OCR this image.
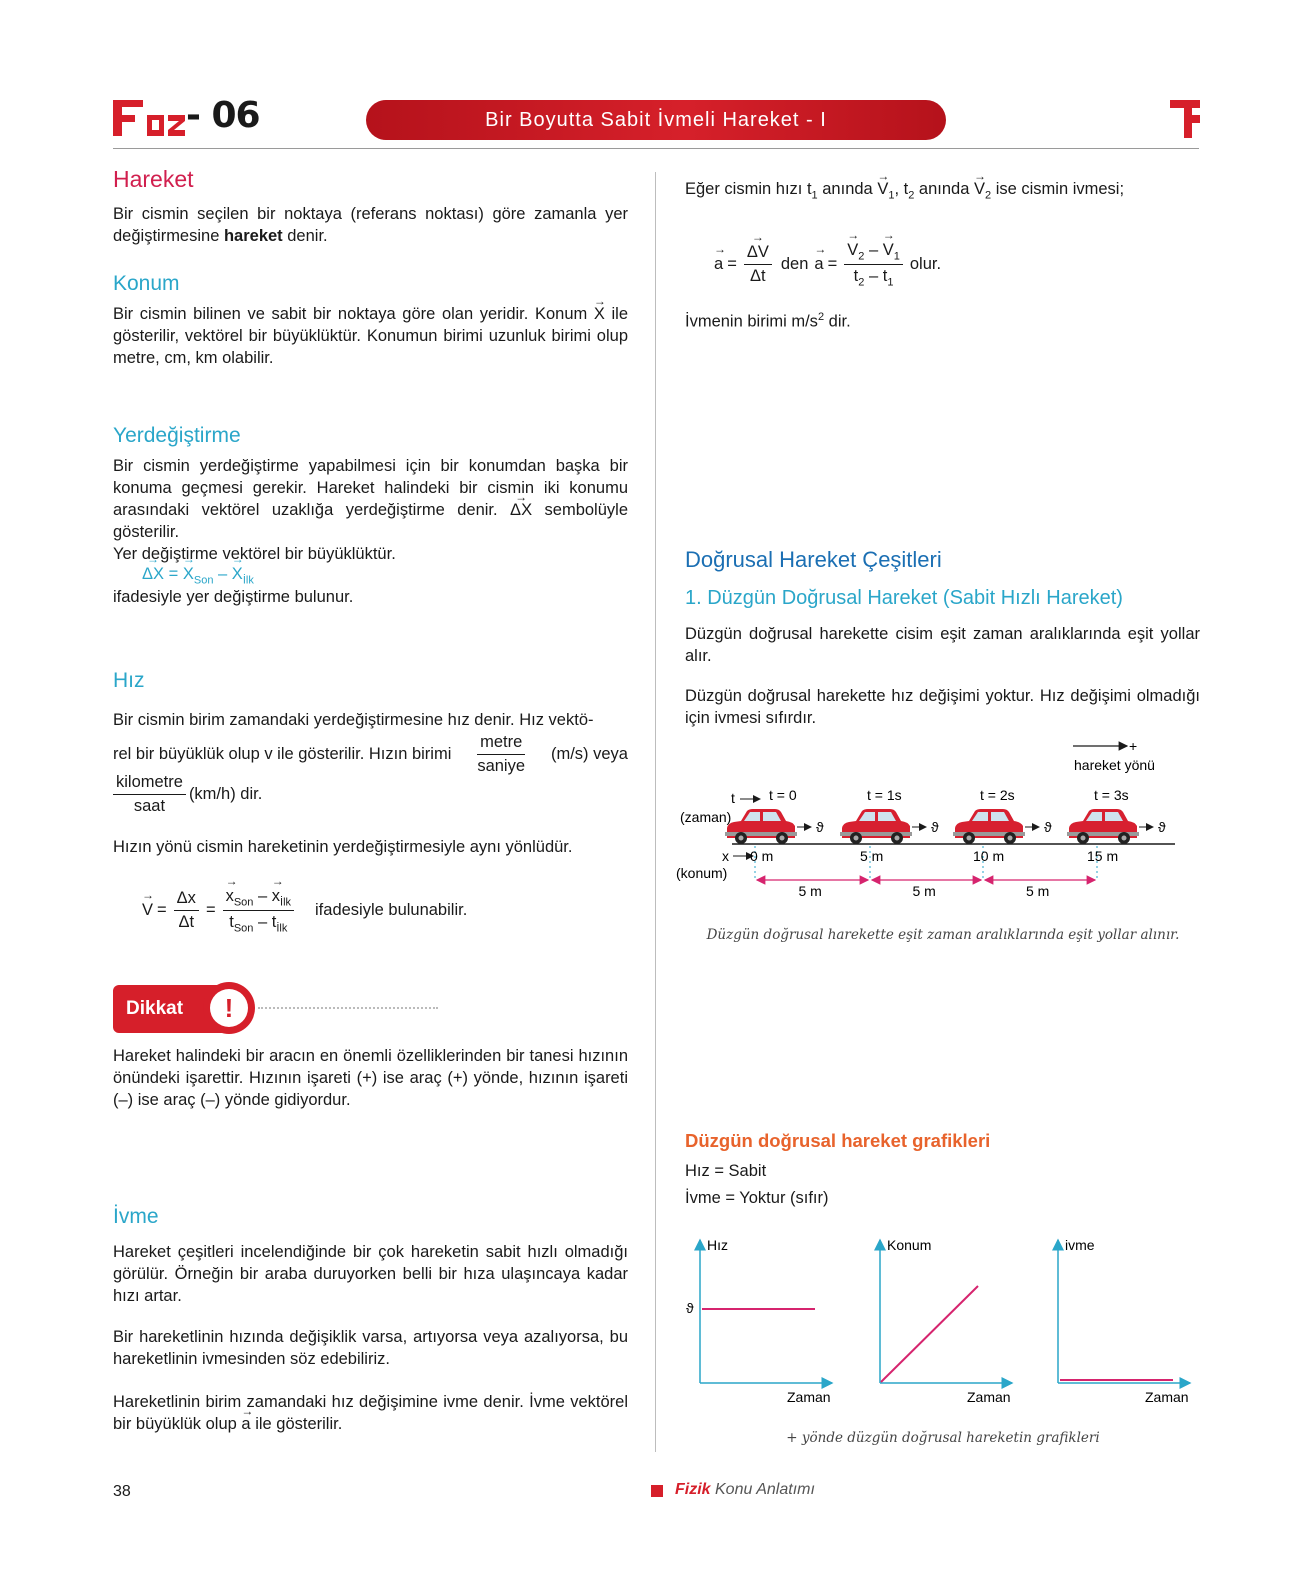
- 06	Bir Boyutta Sabit İvmeli Hareket - I
Hareket
Bir cismin seçilen bir noktaya (referans noktası) göre zamanla yer değiştirmesine hareket denir.
Konum
Bir cismin bilinen ve sabit bir noktaya göre olan yeridir. Konum → X ile gösterilir, vektörel bir büyüklüktür. Konumun birimi uzunluk birimi olup metre, cm, km olabilir.
Yerdeğiştirme
Bir cismin yerdeğiştirme yapabilmesi için bir konumdan başka bir konuma geçmesi gerekir. Hareket halindeki bir cismin iki konumu arasındaki vektörel uzaklığa yerdeğiştirme denir. → ΔX sembolüyle gösterilir.
Yer değiştirme vektörel bir büyüklüktür.
→ ΔX = → $X_{Son}$ – → $X_{İlk}$
ifadesiyle yer değiştirme bulunur.
Hız
Bir cismin birim zamandaki yerdeğiştirmesine hız denir. Hız vektö-
rel bir büyüklük olup v ile gösterilir. Hızın birimi $\frac{\text{metre}}{\text{saniye}} (m/s)$ veya
$\frac{\text{kilometre}}{\text{saat}} (km/h)$ dir.
Hızın yönü cismin hareketinin yerdeğiştirmesiyle aynı yönlüdür.
→ $V = \frac{\Delta x}{\Delta t}$ = → $\frac{x_{Son} - \to x_{İlk}}{t_{Son} - t_{İlk}}$ ifadesiyle bulunabilir.
Dikkat	!
Hareket halindeki bir aracın en önemli özelliklerinden bir tanesi hızının önündeki işarettir. Hızının işareti (+) ise araç (+) yönde, hızının işareti (–) ise araç (–) yönde gidiyordur.
İvme
Hareket çeşitleri incelendiğinde bir çok hareketin sabit hızlı olmadığı görülür. Örneğin bir araba duruyorken belli bir hıza ulaşıncaya kadar hızı artar.
Bir hareketlinin hızında değişiklik varsa, artıyorsa veya azalıyorsa, bu hareketlinin ivmesinden söz edebiliriz.
Hareketlinin birim zamandaki hız değişimine ivme denir. İvme vektörel bir büyüklük olup → a ile gösterilir.
Eğer cismin hızı $t_1$ anında → $V_1$, $t_2$ anında → $V_2$ ise cismin ivmesi;
→ a = → $\frac{\Delta V}{\Delta t}$ den → a = → $\frac{V_2 - \to V_1}{t_2 - t_1}$ olur.
İvmenin birimi $m/s^2$ dir.
Doğrusal Hareket Çeşitleri
1. Düzgün Doğrusal Hareket (Sabit Hızlı Hareket)
Düzgün doğrusal harekette cisim eşit zaman aralıklarında eşit yollar alır.
Düzgün doğrusal harekette hız değişimi yoktur. Hız değişimi olmadığı için ivmesi sıfırdır.
+
hareket yönü
t
(zaman)
x
(konum)
t = 0
ϑ
0 m
t = 1s
ϑ
5 m
t = 2s
ϑ
10 m
t = 3s
ϑ
15 m
5 m	5 m	5 m
Düzgün doğrusal harekette eşit zaman aralıklarında eşit yollar alınır.
Düzgün doğrusal hareket grafikleri
Hız = Sabit
İvme = Yoktur (sıfır)
Hız
Zaman
ϑ
Konum
Zaman
ivme
Zaman
+ yönde düzgün doğrusal hareketin grafikleri
38	Fizik Konu Anlatımı
